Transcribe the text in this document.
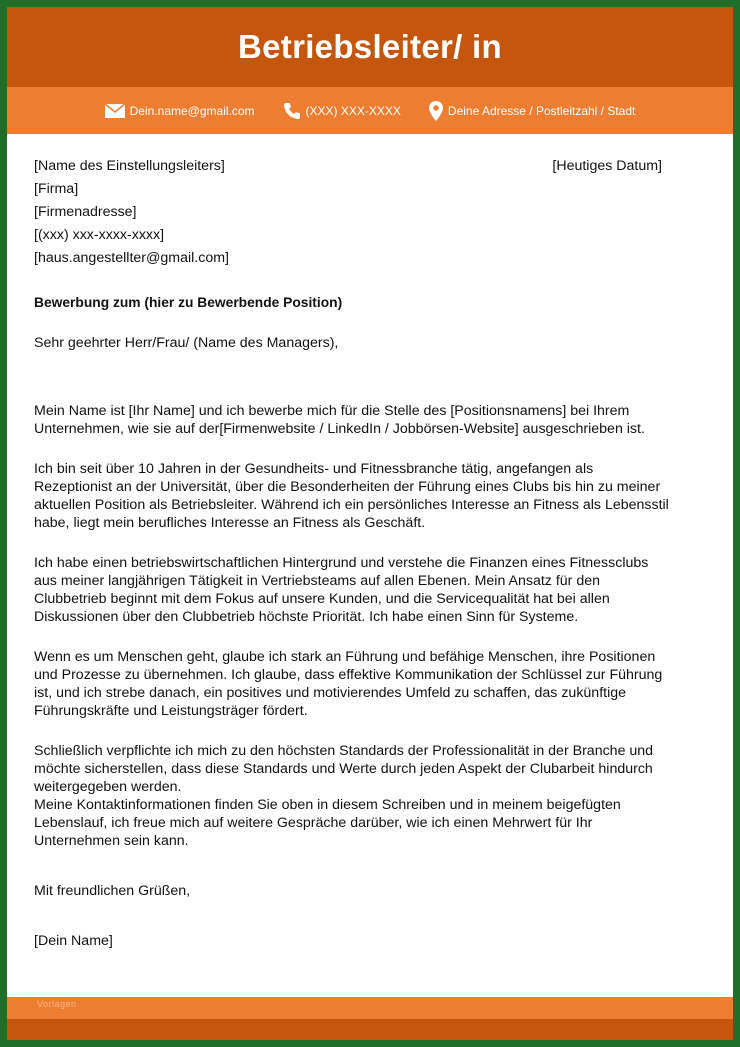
Betriebsleiter/ in
Dein.name@gmail.com	(XXX) XXX-XXXX	Deine Adresse / Postleitzahl / Stadt
[Name des Einstellungsleiters]	[Heutiges Datum]
[Firma]
[Firmenadresse]
[(xxx) xxx-xxxx-xxxx]
[haus.angestellter@gmail.com]
Bewerbung zum (hier zu Bewerbende Position)
Sehr geehrter Herr/Frau/ (Name des Managers),

Mein Name ist [Ihr Name] und ich bewerbe mich für die Stelle des [Positionsnamens] bei Ihrem Unternehmen, wie sie auf der[Firmenwebsite / LinkedIn / Jobbörsen-Website] ausgeschrieben ist.

Ich bin seit über 10 Jahren in der Gesundheits- und Fitnessbranche tätig, angefangen als Rezeptionist an der Universität, über die Besonderheiten der Führung eines Clubs bis hin zu meiner aktuellen Position als Betriebsleiter. Während ich ein persönliches Interesse an Fitness als Lebensstil habe, liegt mein berufliches Interesse an Fitness als Geschäft.

Ich habe einen betriebswirtschaftlichen Hintergrund und verstehe die Finanzen eines Fitnessclubs aus meiner langjährigen Tätigkeit in Vertriebsteams auf allen Ebenen. Mein Ansatz für den Clubbetrieb beginnt mit dem Fokus auf unsere Kunden, und die Servicequalität hat bei allen Diskussionen über den Clubbetrieb höchste Priorität. Ich habe einen Sinn für Systeme.

Wenn es um Menschen geht, glaube ich stark an Führung und befähige Menschen, ihre Positionen und Prozesse zu übernehmen. Ich glaube, dass effektive Kommunikation der Schlüssel zur Führung ist, und ich strebe danach, ein positives und motivierendes Umfeld zu schaffen, das zukünftige Führungskräfte und Leistungsträger fördert.

Schließlich verpflichte ich mich zu den höchsten Standards der Professionalität in der Branche und möchte sicherstellen, dass diese Standards und Werte durch jeden Aspekt der Clubarbeit hindurch weitergegeben werden.

Meine Kontaktinformationen finden Sie oben in diesem Schreiben und in meinem beigefügten Lebenslauf, ich freue mich auf weitere Gespräche darüber, wie ich einen Mehrwert für Ihr Unternehmen sein kann.

Mit freundlichen Grüßen,
[Dein Name]
Vorlagen
